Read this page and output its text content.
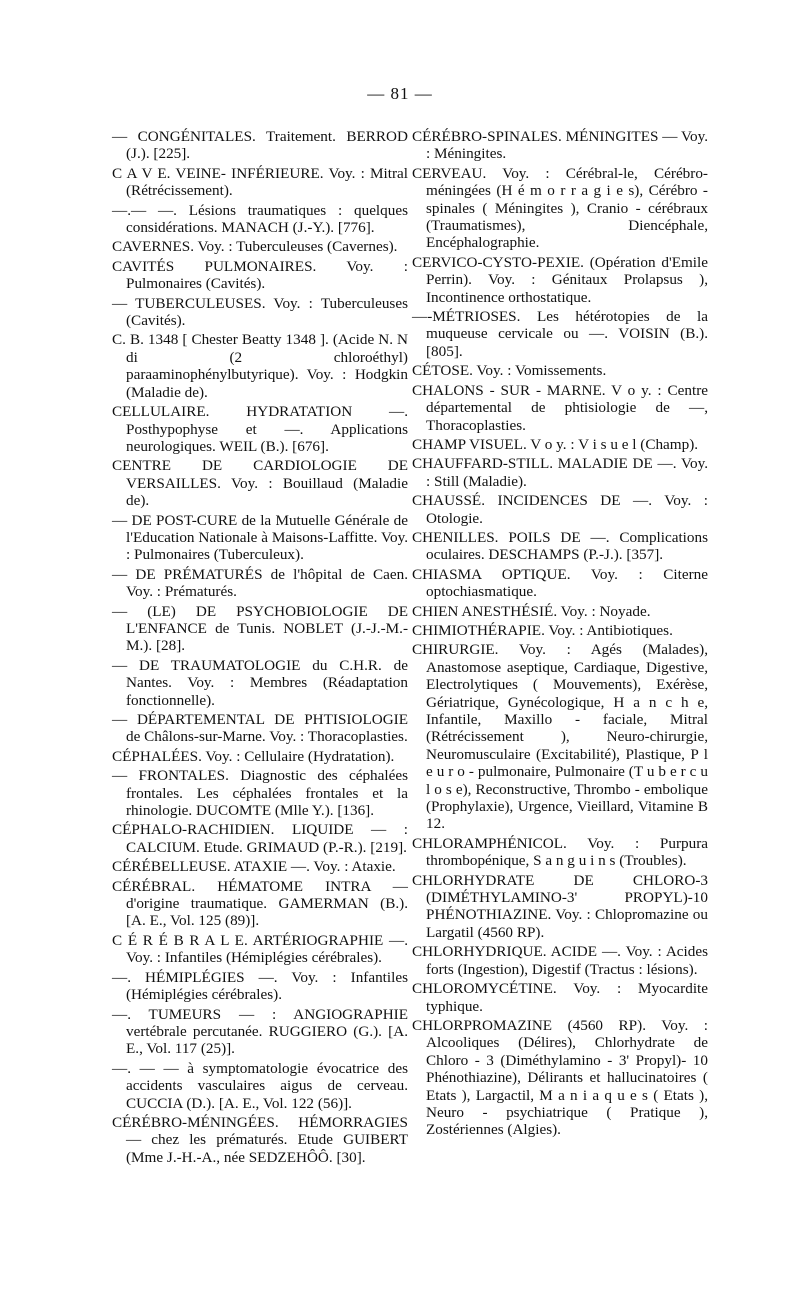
— 81 —
— CONGÉNITALES. Traitement. BERROD (J.). [225].
C A V E. VEINE- INFÉRIEURE. Voy. : Mitral (Rétrécissement).
—.— —. Lésions traumatiques : quelques considérations. MANACH (J.-Y.). [776].
CAVERNES. Voy. : Tuberculeuses (Cavernes).
CAVITÉS PULMONAIRES. Voy. : Pulmonaires (Cavités).
— TUBERCULEUSES. Voy. : Tuberculeuses (Cavités).
C. B. 1348 [ Chester Beatty 1348 ]. (Acide N. N di (2 chloroéthyl) paraaminophénylbutyrique). Voy. : Hodgkin (Maladie de).
CELLULAIRE. HYDRATATION —. Posthypophyse et —. Applications neurologiques. WEIL (B.). [676].
CENTRE DE CARDIOLOGIE DE VERSAILLES. Voy. : Bouillaud (Maladie de).
— DE POST-CURE de la Mutuelle Générale de l'Education Nationale à Maisons-Laffitte. Voy. : Pulmonaires (Tuberculeux).
— DE PRÉMATURÉS de l'hôpital de Caen. Voy. : Prématurés.
— (LE) DE PSYCHOBIOLOGIE DE L'ENFANCE de Tunis. NOBLET (J.-J.-M.-M.). [28].
— DE TRAUMATOLOGIE du C.H.R. de Nantes. Voy. : Membres (Réadaptation fonctionnelle).
— DÉPARTEMENTAL DE PHTISIOLOGIE de Châlons-sur-Marne. Voy. : Thoracoplasties.
CÉPHALÉES. Voy. : Cellulaire (Hydratation).
— FRONTALES. Diagnostic des céphalées frontales. Les céphalées frontales et la rhinologie. DUCOMTE (Mlle Y.). [136].
CÉPHALO-RACHIDIEN. LIQUIDE — : CALCIUM. Etude. GRIMAUD (P.-R.). [219].
CÉRÉBELLEUSE. ATAXIE —. Voy. : Ataxie.
CÉRÉBRAL. HÉMATOME INTRA — d'origine traumatique. GAMERMAN (B.). [A. E., Vol. 125 (89)].
C É R É B R A L E. ARTÉRIOGRAPHIE —. Voy. : Infantiles (Hémiplégies cérébrales).
—. HÉMIPLÉGIES —. Voy. : Infantiles (Hémiplégies cérébrales).
—. TUMEURS — : ANGIOGRAPHIE vertébrale percutanée. RUGGIERO (G.). [A. E., Vol. 117 (25)].
—. — — à symptomatologie évocatrice des accidents vasculaires aigus de cerveau. CUCCIA (D.). [A. E., Vol. 122 (56)].
CÉRÉBRO-MÉNINGÉES. HÉMORRAGIES — chez les prématurés. Etude GUIBERT (Mme J.-H.-A., née SEDZEHÔÔ. [30].
CÉRÉBRO-SPINALES. MÉNINGITES — Voy. : Méningites.
CERVEAU. Voy. : Cérébral-le, Cérébro-méningées (H é m o r r a g i e s), Cérébro - spinales ( Méningites ), Cranio - cérébraux (Traumatismes), Diencéphale, Encéphalographie.
CERVICO-CYSTO-PEXIE. (Opération d'Emile Perrin). Voy. : Génitaux Prolapsus ), Incontinence orthostatique.
—-MÉTRIOSES. Les hétérotopies de la muqueuse cervicale ou —. VOISIN (B.). [805].
CÉTOSE. Voy. : Vomissements.
CHALONS - SUR - MARNE. V o y. : Centre départemental de phtisiologie de —, Thoracoplasties.
CHAMP VISUEL. V o y. : V i s u e l (Champ).
CHAUFFARD-STILL. MALADIE DE —. Voy. : Still (Maladie).
CHAUSSÉ. INCIDENCES DE —. Voy. : Otologie.
CHENILLES. POILS DE —. Complications oculaires. DESCHAMPS (P.-J.). [357].
CHIASMA OPTIQUE. Voy. : Citerne optochiasmatique.
CHIEN ANESTHÉSIÉ. Voy. : Noyade.
CHIMIOTHÉRAPIE. Voy. : Antibiotiques.
CHIRURGIE. Voy. : Agés (Malades), Anastomose aseptique, Cardiaque, Digestive, Electrolytiques ( Mouvements), Exérèse, Gériatrique, Gynécologique, H a n c h e, Infantile, Maxillo - faciale, Mitral (Rétrécissement ), Neuro-chirurgie, Neuromusculaire (Excitabilité), Plastique, P l e u r o - pulmonaire, Pulmonaire (T u b e r c u l o s e), Reconstructive, Thrombo - embolique (Prophylaxie), Urgence, Vieillard, Vitamine B 12.
CHLORAMPHÉNICOL. Voy. : Purpura thrombopénique, S a n g u i n s (Troubles).
CHLORHYDRATE DE CHLORO-3 (DIMÉTHYLAMINO-3' PROPYL)-10 PHÉNOTHIAZINE. Voy. : Chlopromazine ou Largatil (4560 RP).
CHLORHYDRIQUE. ACIDE —. Voy. : Acides forts (Ingestion), Digestif (Tractus : lésions).
CHLOROMYCÉTINE. Voy. : Myocardite typhique.
CHLORPROMAZINE (4560 RP). Voy. : Alcooliques (Délires), Chlorhydrate de Chloro - 3 (Diméthylamino - 3' Propyl)- 10 Phénothiazine), Délirants et hallucinatoires ( Etats ), Largactil, M a n i a q u e s ( Etats ), Neuro - psychiatrique ( Pratique ), Zostériennes (Algies).
